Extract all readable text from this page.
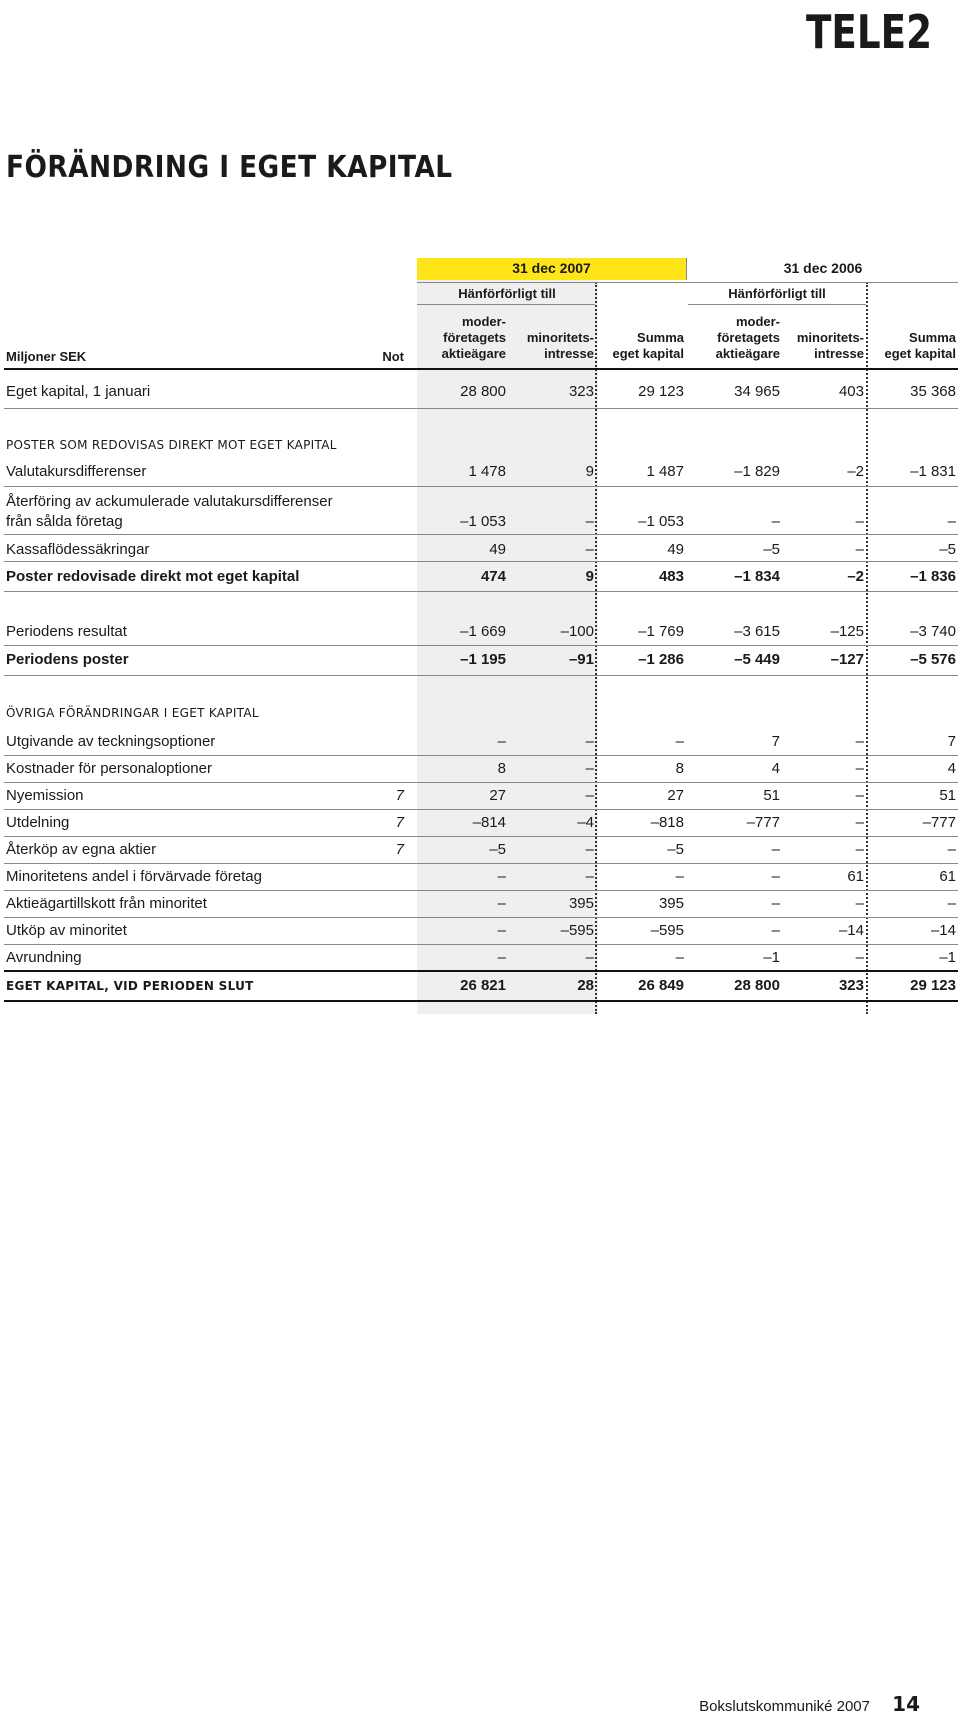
TELE2
FÖRÄNDRING I EGET KAPITAL
31 dec 2007	31 dec 2006
Hänförförligt till	Hänförförligt till
Miljoner SEK	Not
moder-
företagets
aktieägare
minoritets-
intresse
Summa
eget kapital
moder-
företagets
aktieägare
minoritets-
intresse
Summa
eget kapital
Eget kapital, 1 januari	28 800	323	29 123	34 965	403	35 368
POSTER SOM REDOVISAS DIREKT MOT EGET KAPITAL
Valutakursdifferenser	1 478	9	1 487	–1 829	–2	–1 831
Återföring av ackumulerade valutakursdifferenser
från sålda företag	–1 053	–	–1 053	–	–	–
Kassaflödessäkringar	49	–	49	–5	–	–5
Poster redovisade direkt mot eget kapital	474	9	483	–1 834	–2	–1 836
Periodens resultat	–1 669	–100	–1 769	–3 615	–125	–3 740
Periodens poster	–1 195	–91	–1 286	–5 449	–127	–5 576
ÖVRIGA FÖRÄNDRINGAR I EGET KAPITAL
Utgivande av teckningsoptioner	–	–	–	7	–	7
Kostnader för personaloptioner	8	–	8	4	–	4
Nyemission	7	27	–	27	51	–	51
Utdelning	7	–814	–4	–818	–777	–	–777
Återköp av egna aktier	7	–5	–	–5	–	–	–
Minoritetens andel i förvärvade företag	–	–	–	–	61	61
Aktieägartillskott från minoritet	–	395	395	–	–	–
Utköp av minoritet	–	–595	–595	–	–14	–14
Avrundning	–	–	–	–1	–	–1
EGET KAPITAL, VID PERIODEN SLUT	26 821	28	26 849	28 800	323	29 123
Bokslutskommuniké 2007 14
